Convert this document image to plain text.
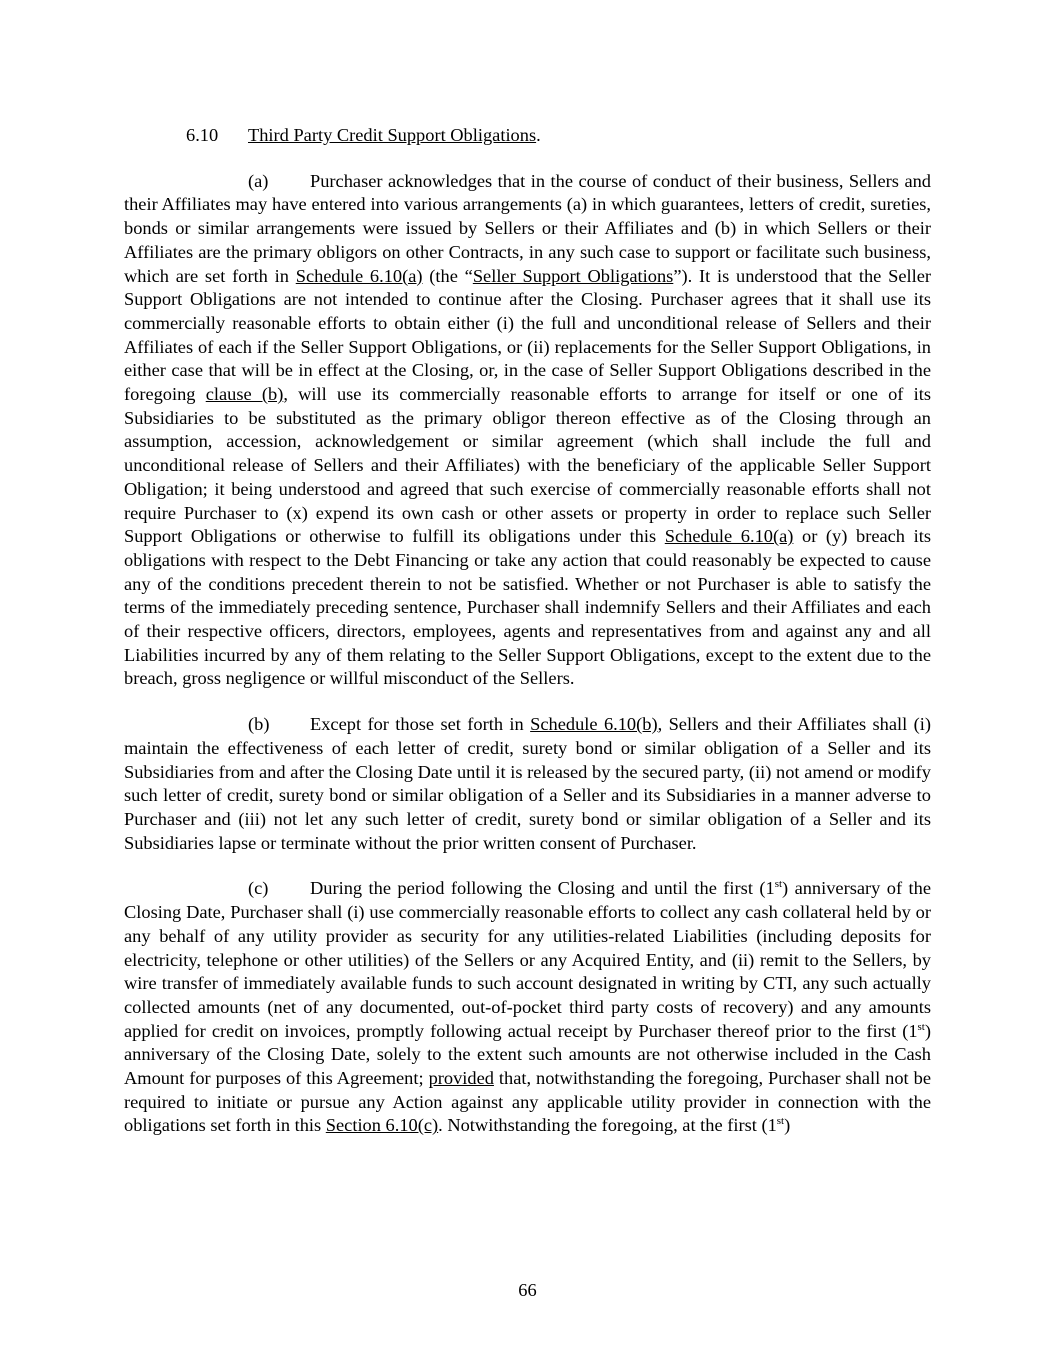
6.10 Third Party Credit Support Obligations.

(a) Purchaser acknowledges that in the course of conduct of their business, Sellers and their Affiliates may have entered into various arrangements (a) in which guarantees, letters of credit, sureties, bonds or similar arrangements were issued by Sellers or their Affiliates and (b) in which Sellers or their Affiliates are the primary obligors on other Contracts, in any such case to support or facilitate such business, which are set forth in Schedule 6.10(a) (the “Seller Support Obligations”). It is understood that the Seller Support Obligations are not intended to continue after the Closing. Purchaser agrees that it shall use its commercially reasonable efforts to obtain either (i) the full and unconditional release of Sellers and their Affiliates of each if the Seller Support Obligations, or (ii) replacements for the Seller Support Obligations, in either case that will be in effect at the Closing, or, in the case of Seller Support Obligations described in the foregoing clause (b), will use its commercially reasonable efforts to arrange for itself or one of its Subsidiaries to be substituted as the primary obligor thereon effective as of the Closing through an assumption, accession, acknowledgement or similar agreement (which shall include the full and unconditional release of Sellers and their Affiliates) with the beneficiary of the applicable Seller Support Obligation; it being understood and agreed that such exercise of commercially reasonable efforts shall not require Purchaser to (x) expend its own cash or other assets or property in order to replace such Seller Support Obligations or otherwise to fulfill its obligations under this Schedule 6.10(a) or (y) breach its obligations with respect to the Debt Financing or take any action that could reasonably be expected to cause any of the conditions precedent therein to not be satisfied. Whether or not Purchaser is able to satisfy the terms of the immediately preceding sentence, Purchaser shall indemnify Sellers and their Affiliates and each of their respective officers, directors, employees, agents and representatives from and against any and all Liabilities incurred by any of them relating to the Seller Support Obligations, except to the extent due to the breach, gross negligence or willful misconduct of the Sellers.

(b) Except for those set forth in Schedule 6.10(b), Sellers and their Affiliates shall (i) maintain the effectiveness of each letter of credit, surety bond or similar obligation of a Seller and its Subsidiaries from and after the Closing Date until it is released by the secured party, (ii) not amend or modify such letter of credit, surety bond or similar obligation of a Seller and its Subsidiaries in a manner adverse to Purchaser and (iii) not let any such letter of credit, surety bond or similar obligation of a Seller and its Subsidiaries lapse or terminate without the prior written consent of Purchaser.

(c) During the period following the Closing and until the first (1st) anniversary of the Closing Date, Purchaser shall (i) use commercially reasonable efforts to collect any cash collateral held by or any behalf of any utility provider as security for any utilities-related Liabilities (including deposits for electricity, telephone or other utilities) of the Sellers or any Acquired Entity, and (ii) remit to the Sellers, by wire transfer of immediately available funds to such account designated in writing by CTI, any such actually collected amounts (net of any documented, out-of-pocket third party costs of recovery) and any amounts applied for credit on invoices, promptly following actual receipt by Purchaser thereof prior to the first (1st) anniversary of the Closing Date, solely to the extent such amounts are not otherwise included in the Cash Amount for purposes of this Agreement; provided that, notwithstanding the foregoing, Purchaser shall not be required to initiate or pursue any Action against any applicable utility provider in connection with the obligations set forth in this Section 6.10(c). Notwithstanding the foregoing, at the first (1st)

66
